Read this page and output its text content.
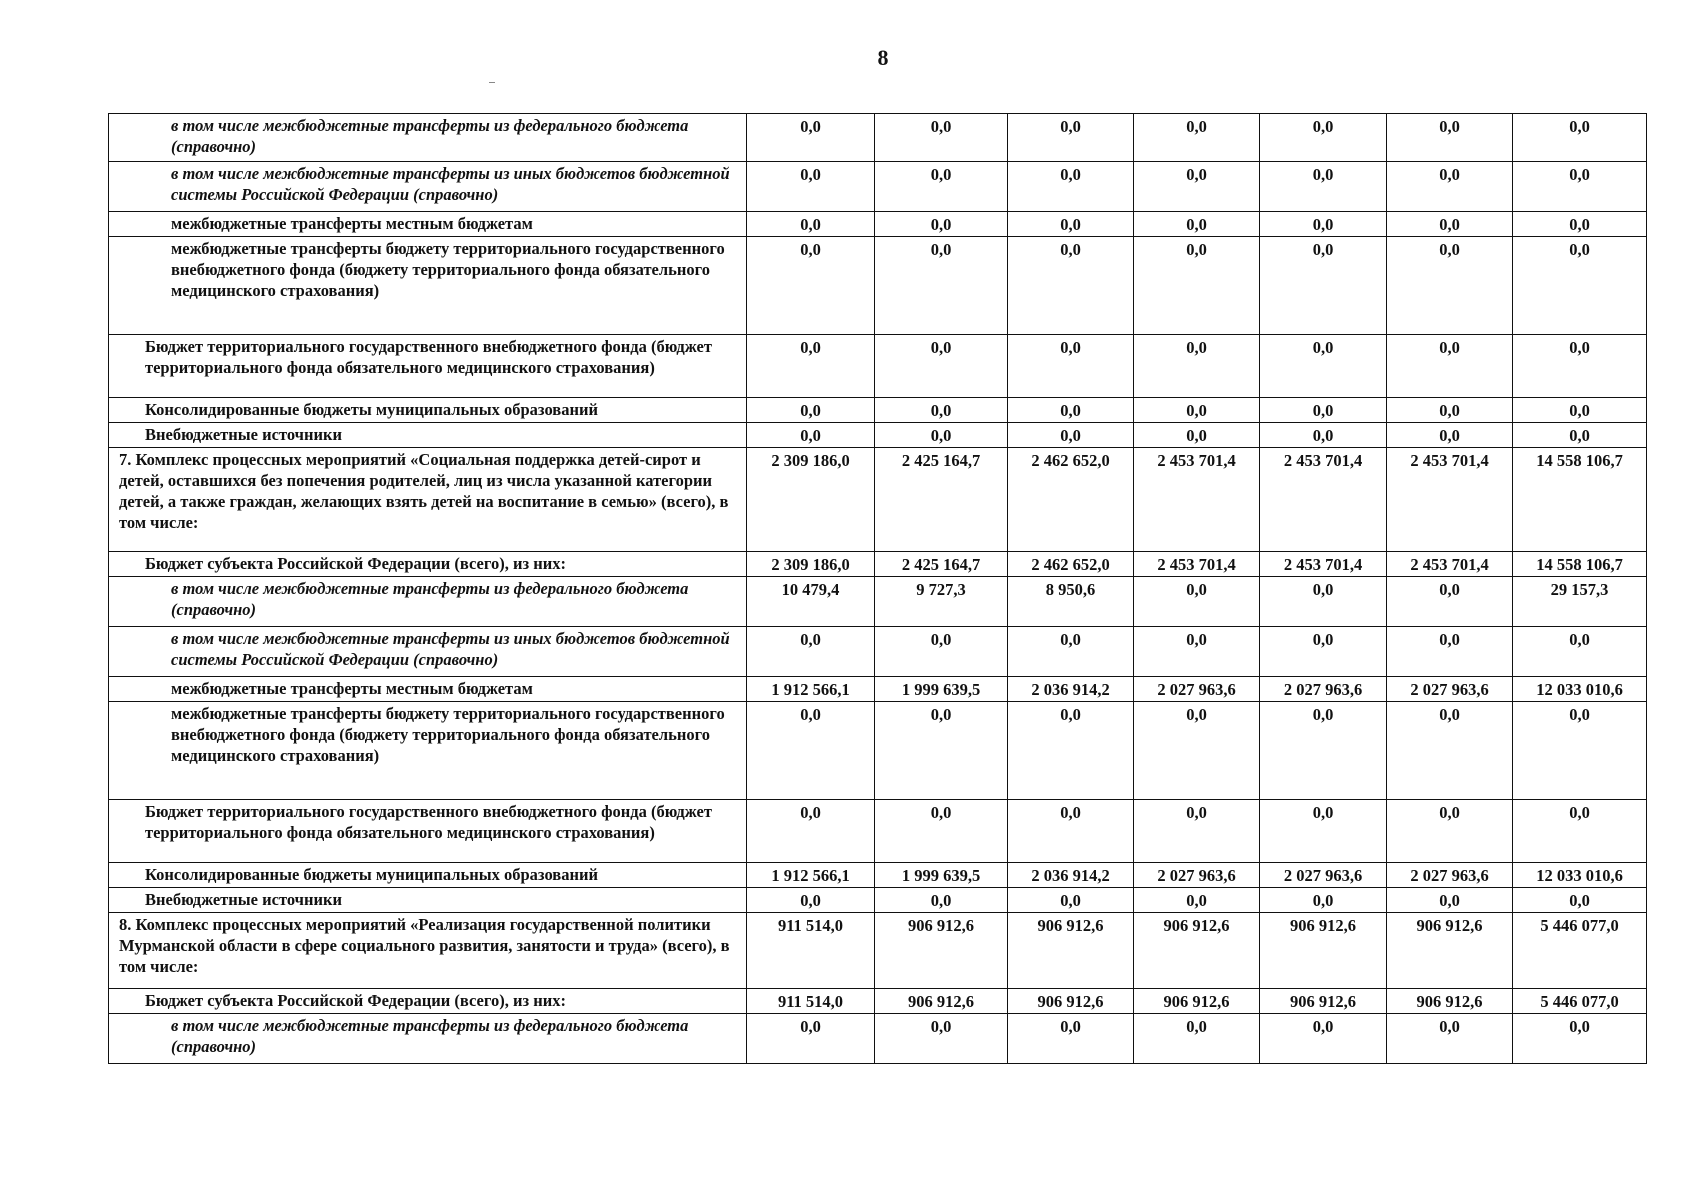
8
в том числе межбюджетные трансферты из федерального бюджета (справочно)	0,0	0,0	0,0	0,0	0,0	0,0	0,0
в том числе межбюджетные трансферты из иных бюджетов бюджетной системы Российской Федерации (справочно)	0,0	0,0	0,0	0,0	0,0	0,0	0,0
межбюджетные трансферты местным бюджетам	0,0	0,0	0,0	0,0	0,0	0,0	0,0
межбюджетные трансферты бюджету территориального государственного внебюджетного фонда (бюджету территориального фонда обязательного медицинского страхования)	0,0	0,0	0,0	0,0	0,0	0,0	0,0
Бюджет территориального государственного внебюджетного фонда (бюджет территориального фонда обязательного медицинского страхования)	0,0	0,0	0,0	0,0	0,0	0,0	0,0
Консолидированные бюджеты муниципальных образований	0,0	0,0	0,0	0,0	0,0	0,0	0,0
Внебюджетные источники	0,0	0,0	0,0	0,0	0,0	0,0	0,0
7. Комплекс процессных мероприятий «Социальная поддержка детей-сирот и детей, оставшихся без попечения родителей, лиц из числа указанной категории детей, а также граждан, желающих взять детей на воспитание в семью» (всего), в том числе:	2 309 186,0	2 425 164,7	2 462 652,0	2 453 701,4	2 453 701,4	2 453 701,4	14 558 106,7
Бюджет субъекта Российской Федерации (всего), из них:	2 309 186,0	2 425 164,7	2 462 652,0	2 453 701,4	2 453 701,4	2 453 701,4	14 558 106,7
в том числе межбюджетные трансферты из федерального бюджета (справочно)	10 479,4	9 727,3	8 950,6	0,0	0,0	0,0	29 157,3
в том числе межбюджетные трансферты из иных бюджетов бюджетной системы Российской Федерации (справочно)	0,0	0,0	0,0	0,0	0,0	0,0	0,0
межбюджетные трансферты местным бюджетам	1 912 566,1	1 999 639,5	2 036 914,2	2 027 963,6	2 027 963,6	2 027 963,6	12 033 010,6
межбюджетные трансферты бюджету территориального государственного внебюджетного фонда (бюджету территориального фонда обязательного медицинского страхования)	0,0	0,0	0,0	0,0	0,0	0,0	0,0
Бюджет территориального государственного внебюджетного фонда (бюджет территориального фонда обязательного медицинского страхования)	0,0	0,0	0,0	0,0	0,0	0,0	0,0
Консолидированные бюджеты муниципальных образований	1 912 566,1	1 999 639,5	2 036 914,2	2 027 963,6	2 027 963,6	2 027 963,6	12 033 010,6
Внебюджетные источники	0,0	0,0	0,0	0,0	0,0	0,0	0,0
8. Комплекс процессных мероприятий «Реализация государственной политики Мурманской области в сфере социального развития, занятости и труда» (всего), в том числе:	911 514,0	906 912,6	906 912,6	906 912,6	906 912,6	906 912,6	5 446 077,0
Бюджет субъекта Российской Федерации (всего), из них:	911 514,0	906 912,6	906 912,6	906 912,6	906 912,6	906 912,6	5 446 077,0
в том числе межбюджетные трансферты из федерального бюджета (справочно)	0,0	0,0	0,0	0,0	0,0	0,0	0,0
